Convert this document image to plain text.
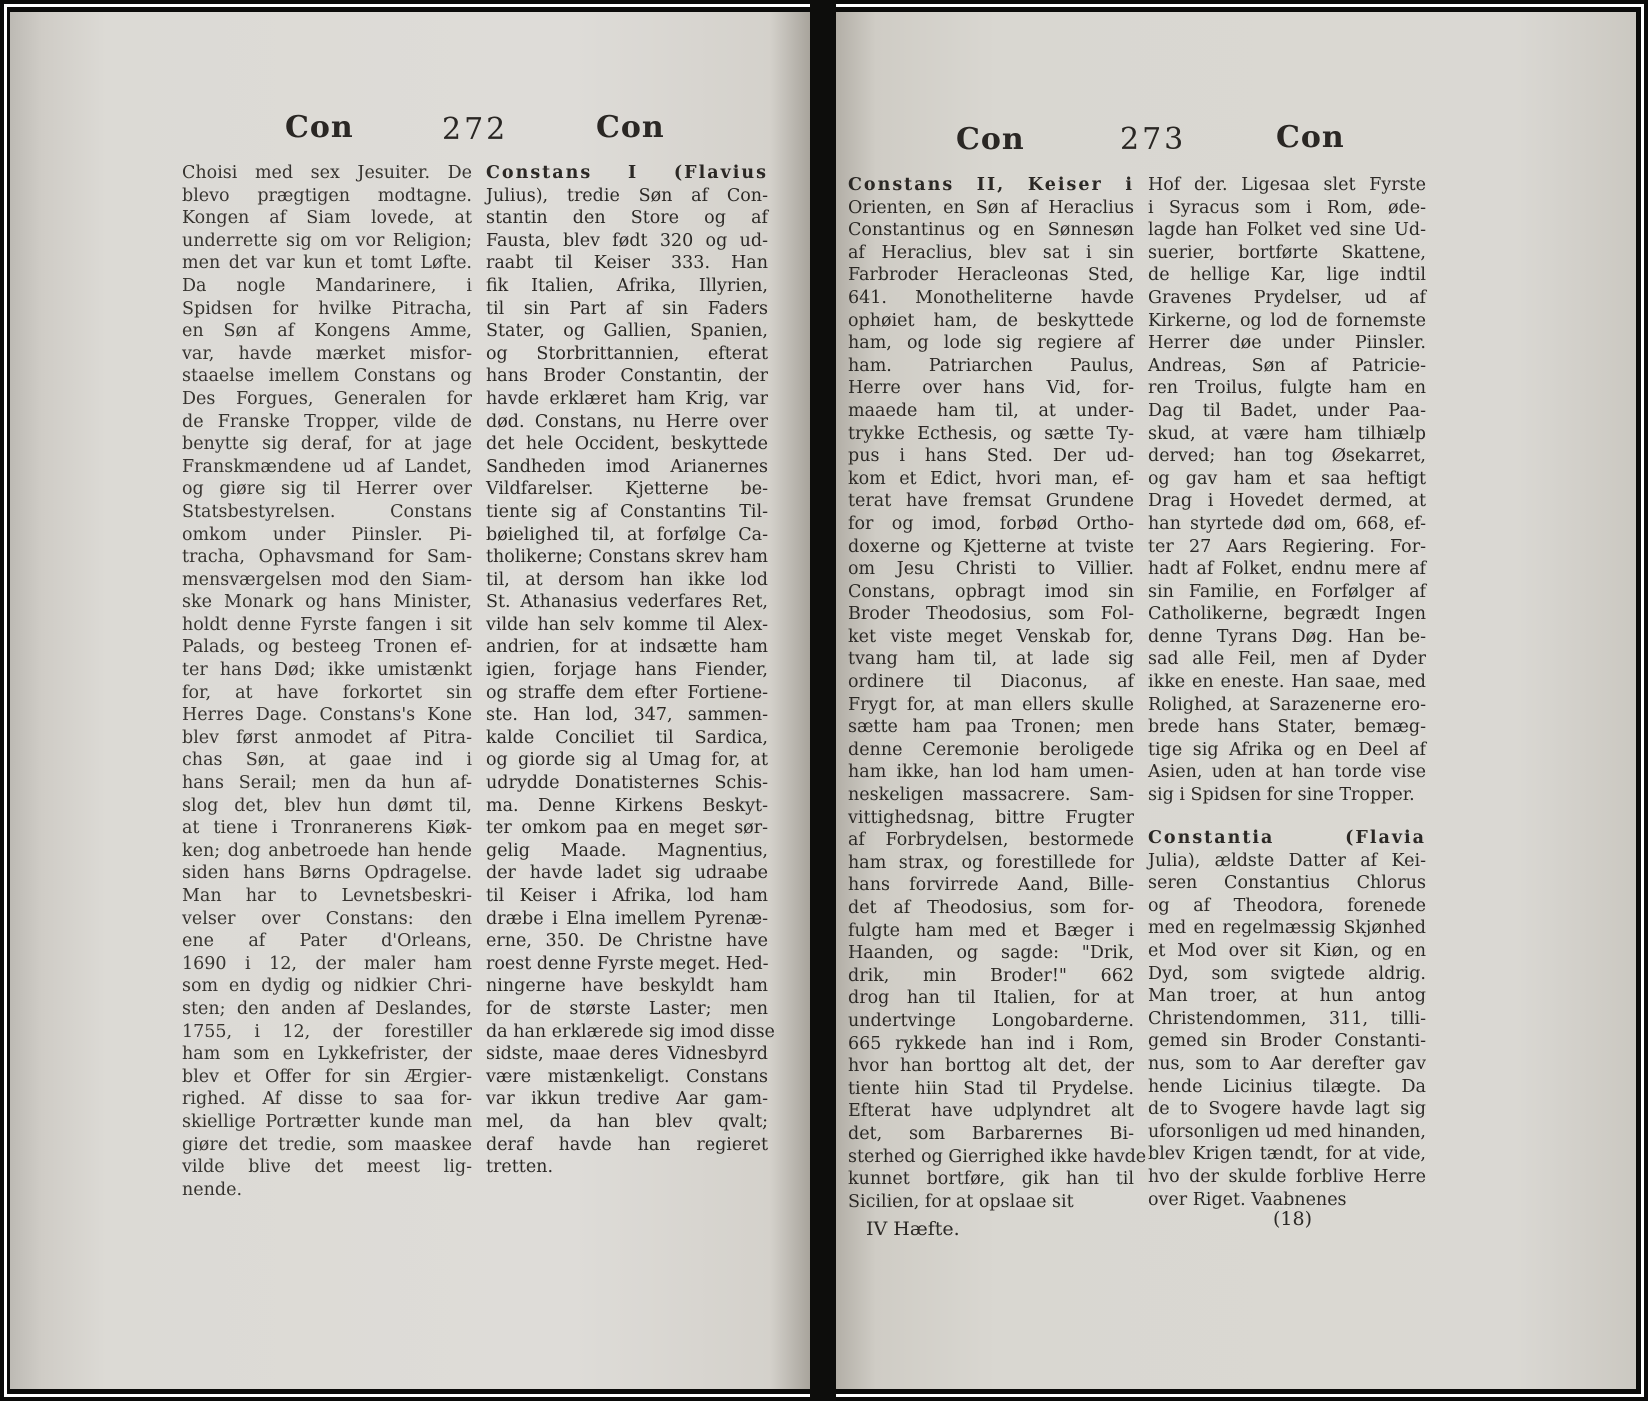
Con	272	Con
Choisi med sex Jesuiter. De
blevo prægtigen modtagne.
Kongen af Siam lovede, at
underrette sig om vor Religion;
men det var kun et tomt Løfte.
Da nogle Mandarinere, i
Spidsen for hvilke Pitracha,
en Søn af Kongens Amme,
var, havde mærket misfor-
staaelse imellem Constans og
Des Forgues, Generalen for
de Franske Tropper, vilde de
benytte sig deraf, for at jage
Franskmændene ud af Landet,
og giøre sig til Herrer over
Statsbestyrelsen. Constans
omkom under Piinsler. Pi-
tracha, Ophavsmand for Sam-
mensværgelsen mod den Siam-
ske Monark og hans Minister,
holdt denne Fyrste fangen i sit
Palads, og besteeg Tronen ef-
ter hans Død; ikke umistænkt
for, at have forkortet sin
Herres Dage. Constans's Kone
blev først anmodet af Pitra-
chas Søn, at gaae ind i
hans Serail; men da hun af-
slog det, blev hun dømt til,
at tiene i Tronranerens Kiøk-
ken; dog anbetroede han hende
siden hans Børns Opdragelse.
Man har to Levnetsbeskri-
velser over Constans: den
ene af Pater d'Orleans,
1690 i 12, der maler ham
som en dydig og nidkier Chri-
sten; den anden af Deslandes,
1755, i 12, der forestiller
ham som en Lykkefrister, der
blev et Offer for sin Ærgier-
righed. Af disse to saa for-
skiellige Portrætter kunde man
giøre det tredie, som maaskee
vilde blive det meest lig-
nende.
Constans I (Flavius
Julius), tredie Søn af Con-
stantin den Store og af
Fausta, blev født 320 og ud-
raabt til Keiser 333. Han
fik Italien, Afrika, Illyrien,
til sin Part af sin Faders
Stater, og Gallien, Spanien,
og Storbrittannien, efterat
hans Broder Constantin, der
havde erklæret ham Krig, var
død. Constans, nu Herre over
det hele Occident, beskyttede
Sandheden imod Arianernes
Vildfarelser. Kjetterne be-
tiente sig af Constantins Til-
bøielighed til, at forfølge Ca-
tholikerne; Constans skrev ham
til, at dersom han ikke lod
St. Athanasius vederfares Ret,
vilde han selv komme til Alex-
andrien, for at indsætte ham
igien, forjage hans Fiender,
og straffe dem efter Fortiene-
ste. Han lod, 347, sammen-
kalde Conciliet til Sardica,
og giorde sig al Umag for, at
udrydde Donatisternes Schis-
ma. Denne Kirkens Beskyt-
ter omkom paa en meget sør-
gelig Maade. Magnentius,
der havde ladet sig udraabe
til Keiser i Afrika, lod ham
dræbe i Elna imellem Pyrenæ-
erne, 350. De Christne have
roest denne Fyrste meget. Hed-
ningerne have beskyldt ham
for de største Laster; men
da han erklærede sig imod disse
sidste, maae deres Vidnesbyrd
være mistænkeligt. Constans
var ikkun tredive Aar gam-
mel, da han blev qvalt;
deraf havde han regieret
tretten.
Con	273	Con
Constans II, Keiser i
Orienten, en Søn af Heraclius
Constantinus og en Sønnesøn
af Heraclius, blev sat i sin
Farbroder Heracleonas Sted,
641. Monotheliterne havde
ophøiet ham, de beskyttede
ham, og lode sig regiere af
ham. Patriarchen Paulus,
Herre over hans Vid, for-
maaede ham til, at under-
trykke Ecthesis, og sætte Ty-
pus i hans Sted. Der ud-
kom et Edict, hvori man, ef-
terat have fremsat Grundene
for og imod, forbød Ortho-
doxerne og Kjetterne at tvistе
om Jesu Christi to Villier.
Constans, opbragt imod sin
Broder Theodosius, som Fol-
ket viste meget Venskab for,
tvang ham til, at lade sig
ordinere til Diaconus, af
Frygt for, at man ellers skulle
sætte ham paa Tronen; men
denne Ceremonie beroligede
ham ikke, han lod ham umen-
neskeligen massacrere. Sam-
vittighedsnag, bittre Frugter
af Forbrydelsen, bestormede
ham strax, og forestillede for
hans forvirrede Aand, Bille-
det af Theodosius, som for-
fulgte ham med et Bæger i
Haanden, og sagde: "Drik,
drik, min Broder!" 662
drog han til Italien, for at
undertvinge Longobarderne.
665 rykkede han ind i Rom,
hvor han borttog alt det, der
tiente hiin Stad til Prydelse.
Efterat have udplyndret alt
det, som Barbarernes Bi-
sterhed og Gierrighed ikke havde
kunnet bortføre, gik han til
Sicilien, for at opslaae sit
Hof der. Ligesaa slet Fyrste
i Syracus som i Rom, øde-
lagde han Folket ved sine Ud-
suerier, bortførte Skattene,
de hellige Kar, lige indtil
Gravenes Prydelser, ud af
Kirkerne, og lod de fornemste
Herrer døe under Piinsler.
Andreas, Søn af Patricie-
ren Troilus, fulgte ham en
Dag til Badet, under Paa-
skud, at være ham tilhiælp
derved; han tog Øsekarret,
og gav ham et saa heftigt
Drag i Hovedet dermed, at
han styrtede død om, 668, ef-
ter 27 Aars Regiering. For-
hadt af Folket, endnu mere af
sin Familie, en Forfølger af
Catholikerne, begrædt Ingen
denne Tyrans Døg. Han be-
sad alle Feil, men af Dyder
ikke en eneste. Han saae, med
Rolighed, at Sarazenerne ero-
brede hans Stater, bemæg-
tige sig Afrika og en Deel af
Asien, uden at han torde vise
sig i Spidsen for sine Tropper.
Constantia (Flavia
Julia), ældste Datter af Kei-
seren Constantius Chlorus
og af Theodora, forenede
med en regelmæssig Skjønhed
et Mod over sit Kiøn, og en
Dyd, som svigtede aldrig.
Man troer, at hun antog
Christendommen, 311, tilli-
gemed sin Broder Constanti-
nus, som to Aar derefter gav
hende Licinius tilægte. Da
de to Svogere havde lagt sig
uforsonligen ud med hinanden,
blev Krigen tændt, for at vide,
hvo der skulde forblive Herre
over Riget. Vaabnenes
IV Hæfte.	(18)
